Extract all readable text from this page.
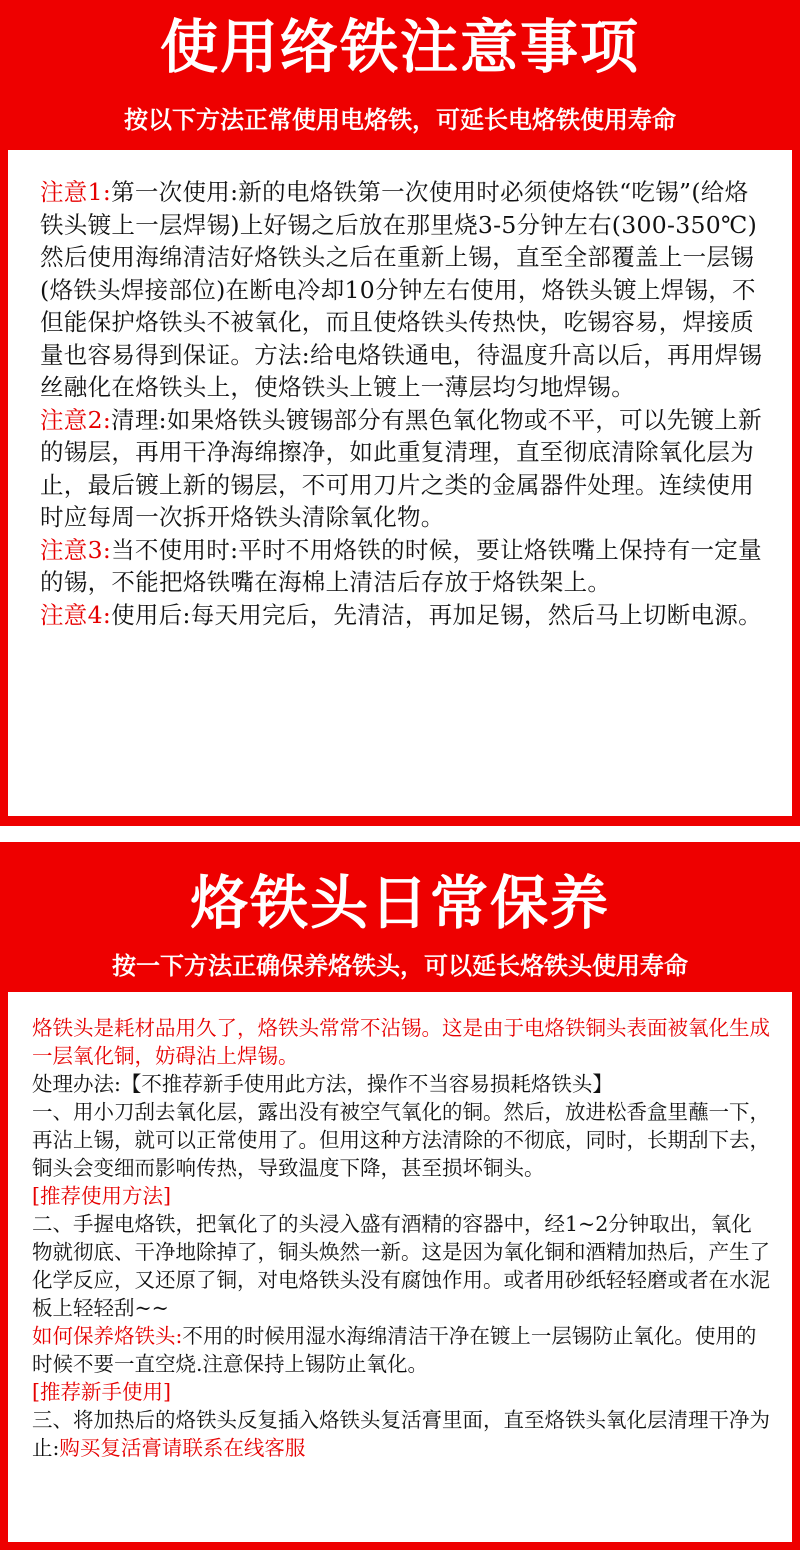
使用络铁注意事项
按以下方法正常使用电烙铁，可延长电烙铁使用寿命

注意1:第一次使用:新的电烙铁第一次使用时必须使烙铁“吃锡”(给烙铁头镀上一层焊锡)上好锡之后放在那里烧3-5分钟左右(300-350℃)然后使用海绵清洁好烙铁头之后在重新上锡，直至全部覆盖上一层锡(烙铁头焊接部位)在断电冷却10分钟左右使用，烙铁头镀上焊锡，不但能保护烙铁头不被氧化，而且使烙铁头传热快，吃锡容易，焊接质量也容易得到保证。方法:给电烙铁通电，待温度升高以后，再用焊锡丝融化在烙铁头上，使烙铁头上镀上一薄层均匀地焊锡。
注意2:清理:如果烙铁头镀锡部分有黑色氧化物或不平，可以先镀上新的锡层，再用干净海绵擦净，如此重复清理，直至彻底清除氧化层为止，最后镀上新的锡层，不可用刀片之类的金属器件处理。连续使用时应每周一次拆开烙铁头清除氧化物。
注意3:当不使用时:平时不用烙铁的时候，要让烙铁嘴上保持有一定量的锡，不能把烙铁嘴在海棉上清洁后存放于烙铁架上。
注意4:使用后:每天用完后，先清洁，再加足锡，然后马上切断电源。

烙铁头日常保养
按一下方法正确保养烙铁头，可以延长烙铁头使用寿命

烙铁头是耗材品用久了，烙铁头常常不沾锡。这是由于电烙铁铜头表面被氧化生成一层氧化铜，妨碍沾上焊锡。
处理办法:【不推荐新手使用此方法，操作不当容易损耗烙铁头】
一、用小刀刮去氧化层，露出没有被空气氧化的铜。然后，放进松香盒里蘸一下，再沾上锡，就可以正常使用了。但用这种方法清除的不彻底，同时，长期刮下去，铜头会变细而影响传热，导致温度下降，甚至损坏铜头。
[推荐使用方法]
二、手握电烙铁，把氧化了的头浸入盛有酒精的容器中，经1~2分钟取出，氧化物就彻底、干净地除掉了，铜头焕然一新。这是因为氧化铜和酒精加热后，产生了化学反应，又还原了铜，对电烙铁头没有腐蚀作用。或者用砂纸轻轻磨或者在水泥板上轻轻刮~~
如何保养烙铁头:不用的时候用湿水海绵清洁干净在镀上一层锡防止氧化。使用的时候不要一直空烧.注意保持上锡防止氧化。
[推荐新手使用]
三、将加热后的烙铁头反复插入烙铁头复活膏里面，直至烙铁头氧化层清理干净为止:购买复活膏请联系在线客服
